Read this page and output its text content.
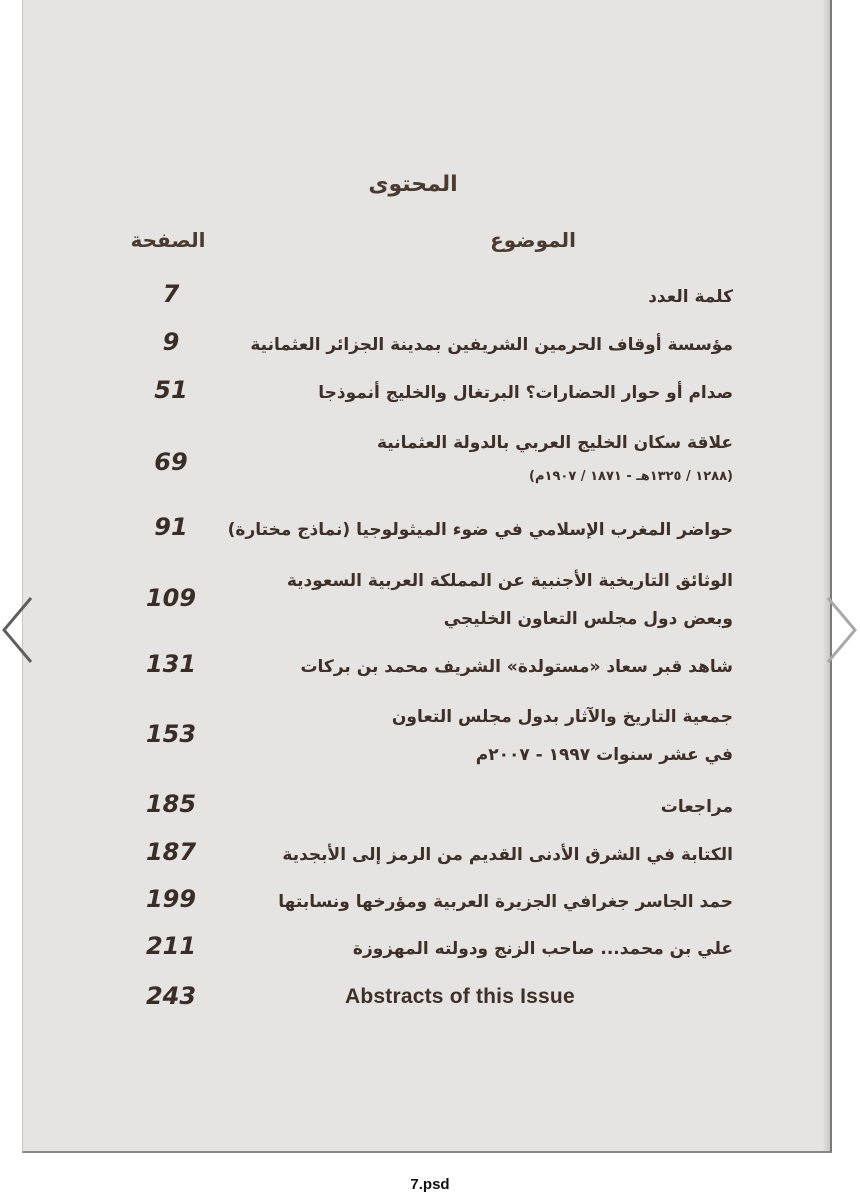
المحتوى
الموضوع
الصفحة
كلمة العدد
7
مؤسسة أوقاف الحرمين الشريفين بمدينة الجزائر العثمانية
9
صدام أو حوار الحضارات؟ البرتغال والخليج أنموذجا
51
علاقة سكان الخليج العربي بالدولة العثمانية
(١٢٨٨ / ١٣٢٥هـ - ١٨٧١ / ١٩٠٧م)
69
حواضر المغرب الإسلامي في ضوء الميثولوجيا (نماذج مختارة)
91
الوثائق التاريخية الأجنبية عن المملكة العربية السعودية
وبعض دول مجلس التعاون الخليجي
109
شاهد قبر سعاد «مستولدة» الشريف محمد بن بركات
131
جمعية التاريخ والآثار بدول مجلس التعاون
في عشر سنوات ١٩٩٧ - ٢٠٠٧م
153
مراجعات
185
الكتابة في الشرق الأدنى القديم من الرمز إلى الأبجدية
187
حمد الجاسر جغرافي الجزيرة العربية ومؤرخها ونسابتها
199
علي بن محمد... صاحب الزنج ودولته المهزوزة
211
Abstracts of this Issue
243
7.psd
